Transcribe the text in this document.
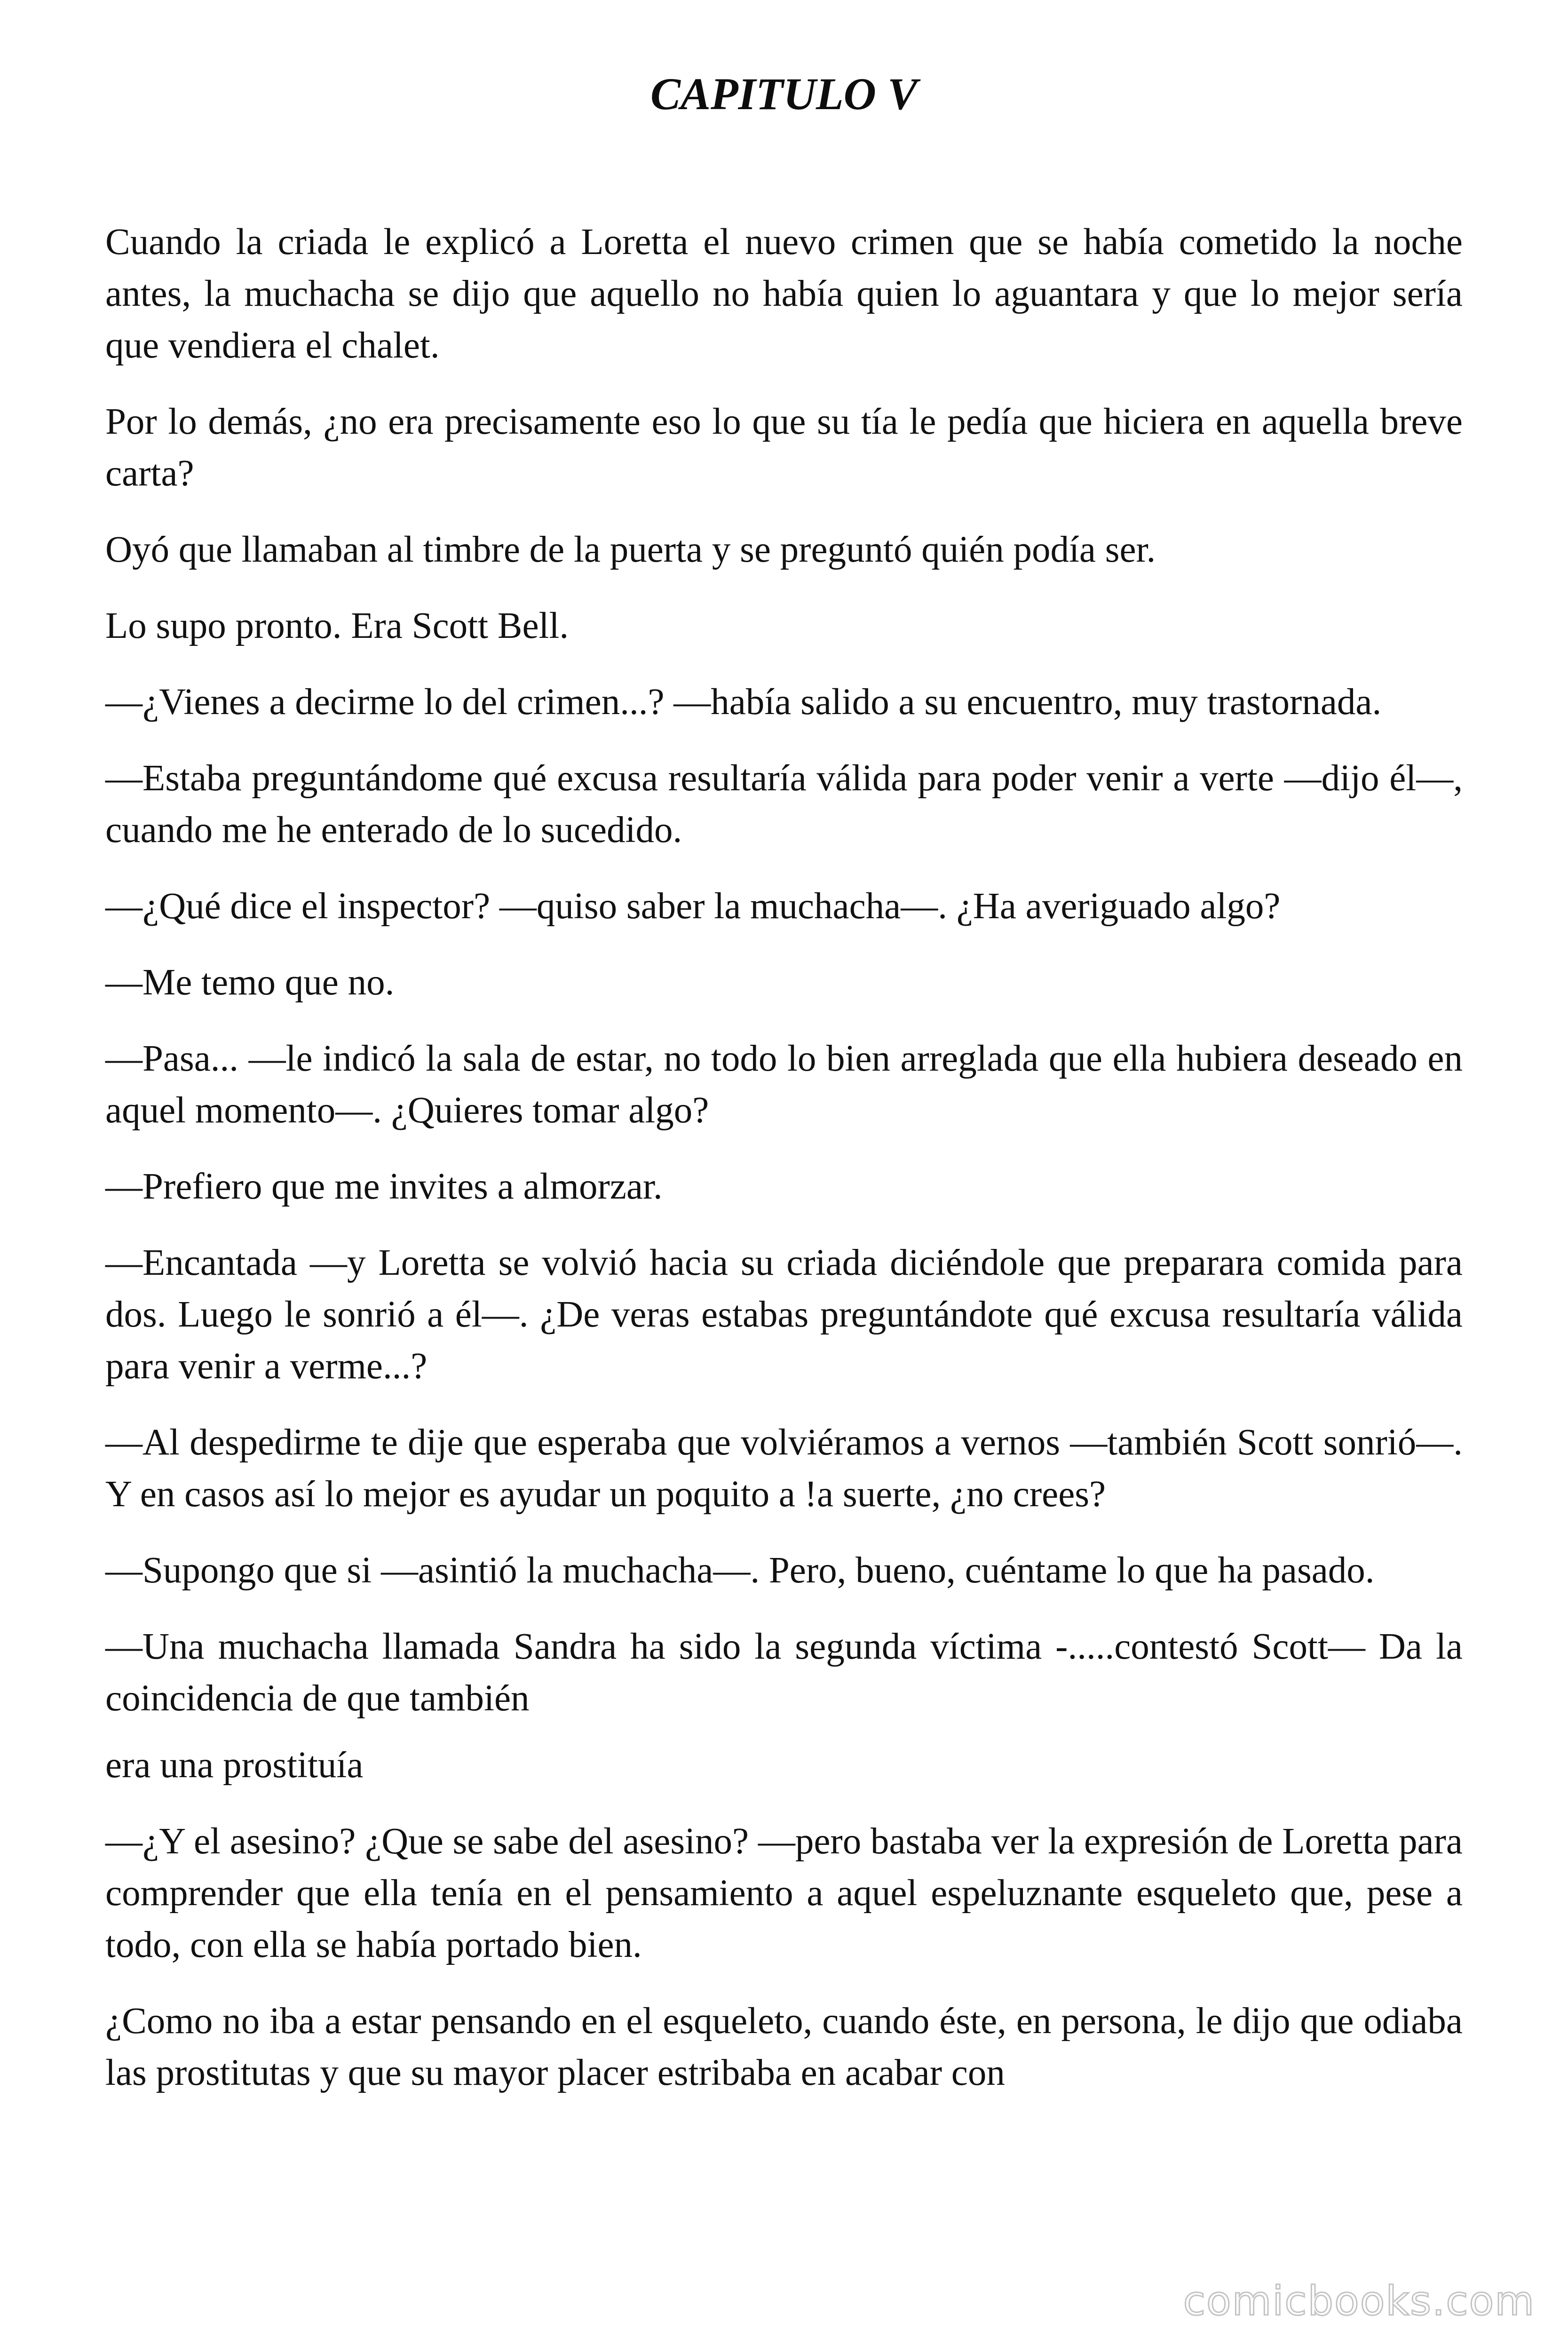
CAPITULO V

Cuando la criada le explicó a Loretta el nuevo crimen que se había cometido la noche antes, la muchacha se dijo que aquello no había quien lo aguantara y que lo mejor sería que vendiera el chalet.

Por lo demás, ¿no era precisamente eso lo que su tía le pedía que hiciera en aquella breve carta?

Oyó que llamaban al timbre de la puerta y se preguntó quién podía ser.

Lo supo pronto. Era Scott Bell.

—¿Vienes a decirme lo del crimen...? —había salido a su encuentro, muy trastornada.

—Estaba preguntándome qué excusa resultaría válida para poder venir a verte —dijo él—, cuando me he enterado de lo sucedido.

—¿Qué dice el inspector? —quiso saber la muchacha—. ¿Ha averiguado algo?

—Me temo que no.

—Pasa... —le indicó la sala de estar, no todo lo bien arreglada que ella hubiera deseado en aquel momento—. ¿Quieres tomar algo?

—Prefiero que me invites a almorzar.

—Encantada —y Loretta se volvió hacia su criada diciéndole que preparara comida para dos. Luego le sonrió a él—. ¿De veras estabas preguntándote qué excusa resultaría válida para venir a verme...?

—Al despedirme te dije que esperaba que volviéramos a vernos —también Scott sonrió—. Y en casos así lo mejor es ayudar un poquito a !a suerte, ¿no crees?

—Supongo que si —asintió la muchacha—. Pero, bueno, cuéntame lo que ha pasado.

—Una muchacha llamada Sandra ha sido la segunda víctima -.....contestó Scott— Da la coincidencia de que también

era una prostituía

—¿Y el asesino? ¿Que se sabe del asesino? —pero bastaba ver la expresión de Loretta para comprender que ella tenía en el pensamiento a aquel espeluznante esqueleto que, pese a todo, con ella se había portado bien.

¿Como no iba a estar pensando en el esqueleto, cuando éste, en persona, le dijo que odiaba las prostitutas y que su mayor placer estribaba en acabar con

comicbooks.com
